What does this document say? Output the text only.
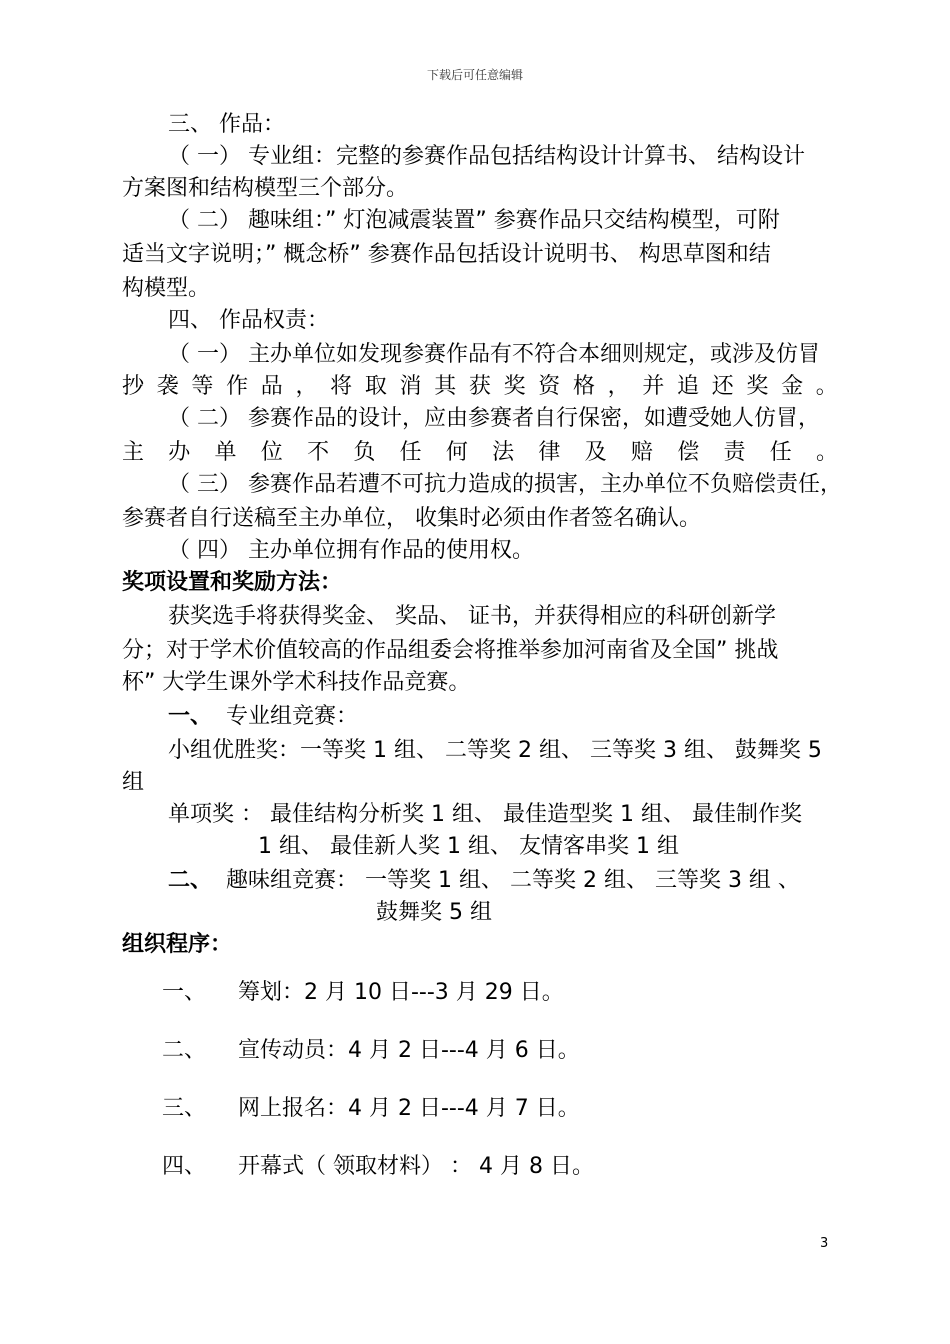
下载后可任意编辑
三、 作品：
（ 一） 专业组：完整的参赛作品包括结构设计计算书、 结构设计
方案图和结构模型三个部分。
（ 二） 趣味组：” 灯泡减震装置” 参赛作品只交结构模型，可附
适当文字说明；” 概念桥” 参赛作品包括设计说明书、 构思草图和结
构模型。
四、 作品权责：
（ 一） 主办单位如发现参赛作品有不符合本细则规定，或涉及仿冒
抄 袭 等 作 品 ， 将 取 消 其 获 奖 资 格 ， 并 追 还 奖 金 。
（ 二） 参赛作品的设计，应由参赛者自行保密，如遭受她人仿冒，
主 办 单 位 不 负 任 何 法 律 及 赔 偿 责 任 。
（ 三） 参赛作品若遭不可抗力造成的损害，主办单位不负赔偿责任，
参赛者自行送稿至主办单位， 收集时必须由作者签名确认。
（ 四） 主办单位拥有作品的使用权。
奖项设置和奖励方法：
获奖选手将获得奖金、 奖品、 证书，并获得相应的科研创新学
分；对于学术价值较高的作品组委会将推举参加河南省及全国” 挑战
杯” 大学生课外学术科技作品竞赛。
一、 专业组竞赛：
小组优胜奖：一等奖 1 组、 二等奖 2 组、 三等奖 3 组、 鼓舞奖 5
组
单项奖 ： 最佳结构分析奖 1 组、 最佳造型奖 1 组、 最佳制作奖
1 组、 最佳新人奖 1 组、 友情客串奖 1 组
二、 趣味组竞赛： 一等奖 1 组、 二等奖 2 组、 三等奖 3 组 、
鼓舞奖 5 组
组织程序：
一、 筹划：2 月 10 日---3 月 29 日。
二、 宣传动员：4 月 2 日---4 月 6 日。
三、 网上报名：4 月 2 日---4 月 7 日。
四、 开幕式（ 领取材料） ： 4 月 8 日。
3
